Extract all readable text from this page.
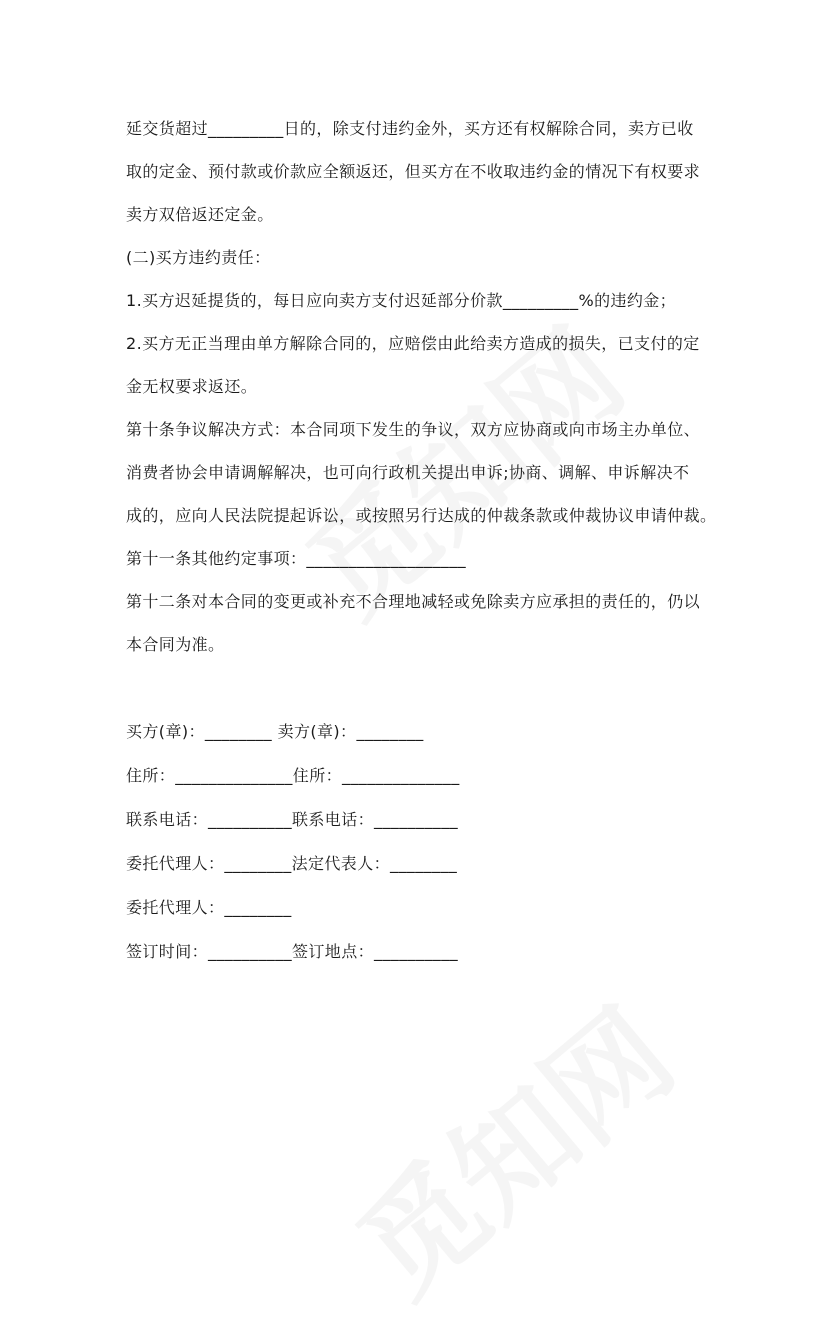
延交货超过_________日的，除支付违约金外，买方还有权解除合同，卖方已收
取的定金、预付款或价款应全额返还，但买方在不收取违约金的情况下有权要求
卖方双倍返还定金。
(二)买方违约责任：
1.买方迟延提货的，每日应向卖方支付迟延部分价款_________%的违约金；
2.买方无正当理由单方解除合同的，应赔偿由此给卖方造成的损失，已支付的定
金无权要求返还。
第十条争议解决方式：本合同项下发生的争议，双方应协商或向市场主办单位、
消费者协会申请调解解决，也可向行政机关提出申诉;协商、调解、申诉解决不
成的，应向人民法院提起诉讼，或按照另行达成的仲裁条款或仲裁协议申请仲裁。
第十一条其他约定事项：___________________
第十二条对本合同的变更或补充不合理地减轻或免除卖方应承担的责任的，仍以
本合同为准。
买方(章)：________ 卖方(章)：________
住所：______________住所：______________
联系电话：__________联系电话：__________
委托代理人：________法定代表人：________
委托代理人：________
签订时间：__________签订地点：__________
